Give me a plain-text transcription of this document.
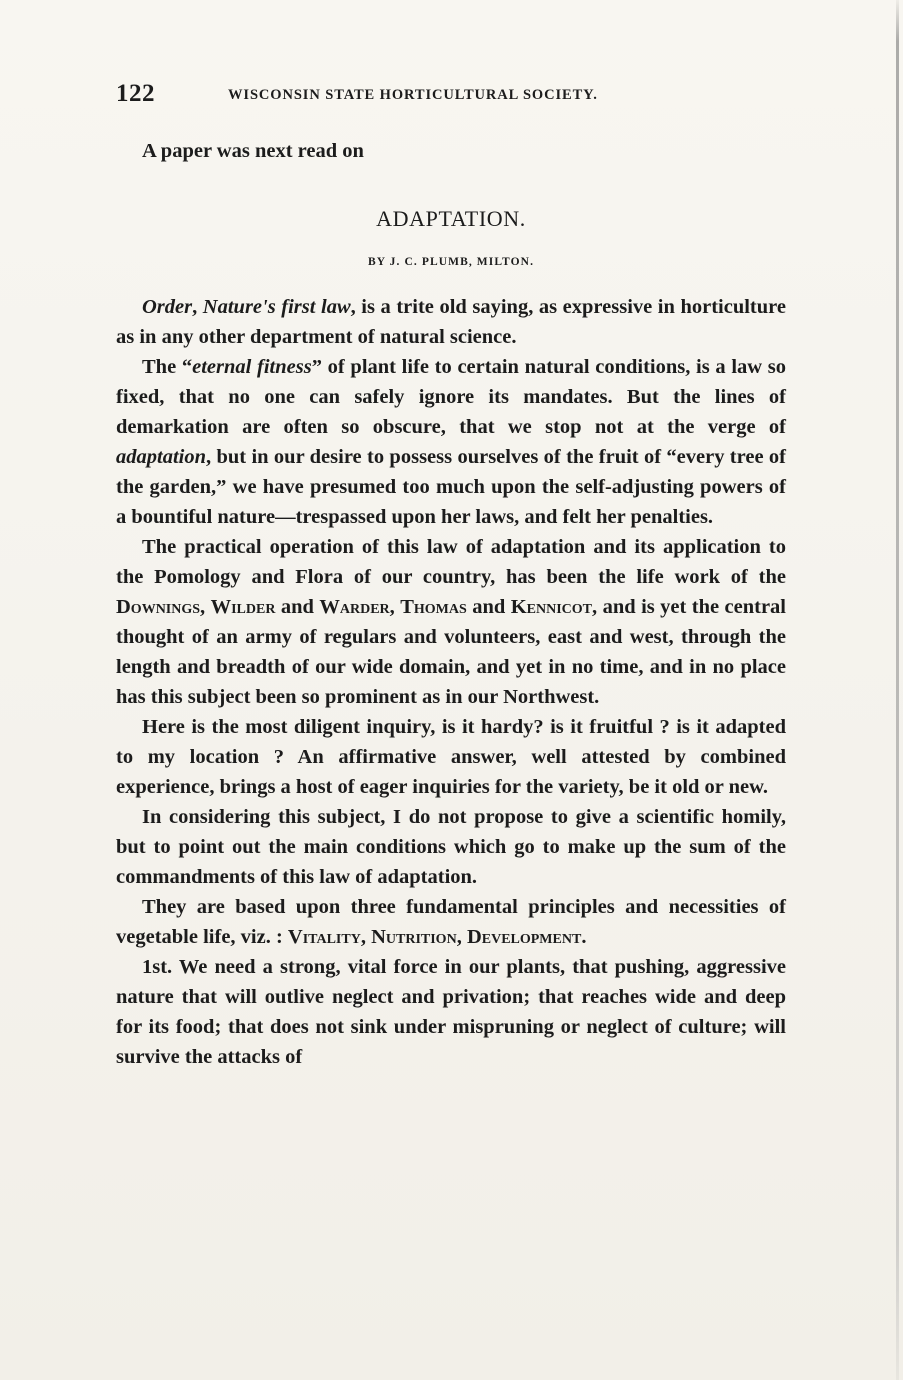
122	WISCONSIN STATE HORTICULTURAL SOCIETY.
A paper was next read on
ADAPTATION.
BY J. C. PLUMB, MILTON.

Order, Nature's first law, is a trite old saying, as expressive in horticulture as in any other department of natural science.

The “eternal fitness” of plant life to certain natural conditions, is a law so fixed, that no one can safely ignore its mandates. But the lines of demarkation are often so obscure, that we stop not at the verge of adaptation, but in our desire to possess ourselves of the fruit of “every tree of the garden,” we have presumed too much upon the self-adjusting powers of a bountiful nature—trespassed upon her laws, and felt her penalties.

The practical operation of this law of adaptation and its application to the Pomology and Flora of our country, has been the life work of the Downings, Wilder and Warder, Thomas and Kennicot, and is yet the central thought of an army of regulars and volunteers, east and west, through the length and breadth of our wide domain, and yet in no time, and in no place has this subject been so prominent as in our Northwest.

Here is the most diligent inquiry, is it hardy? is it fruitful ? is it adapted to my location ? An affirmative answer, well attested by combined experience, brings a host of eager inquiries for the variety, be it old or new.

In considering this subject, I do not propose to give a scientific homily, but to point out the main conditions which go to make up the sum of the commandments of this law of adaptation.

They are based upon three fundamental principles and necessities of vegetable life, viz. : Vitality, Nutrition, Development.

1st. We need a strong, vital force in our plants, that pushing, aggressive nature that will outlive neglect and privation; that reaches wide and deep for its food; that does not sink under mispruning or neglect of culture; will survive the attacks of
